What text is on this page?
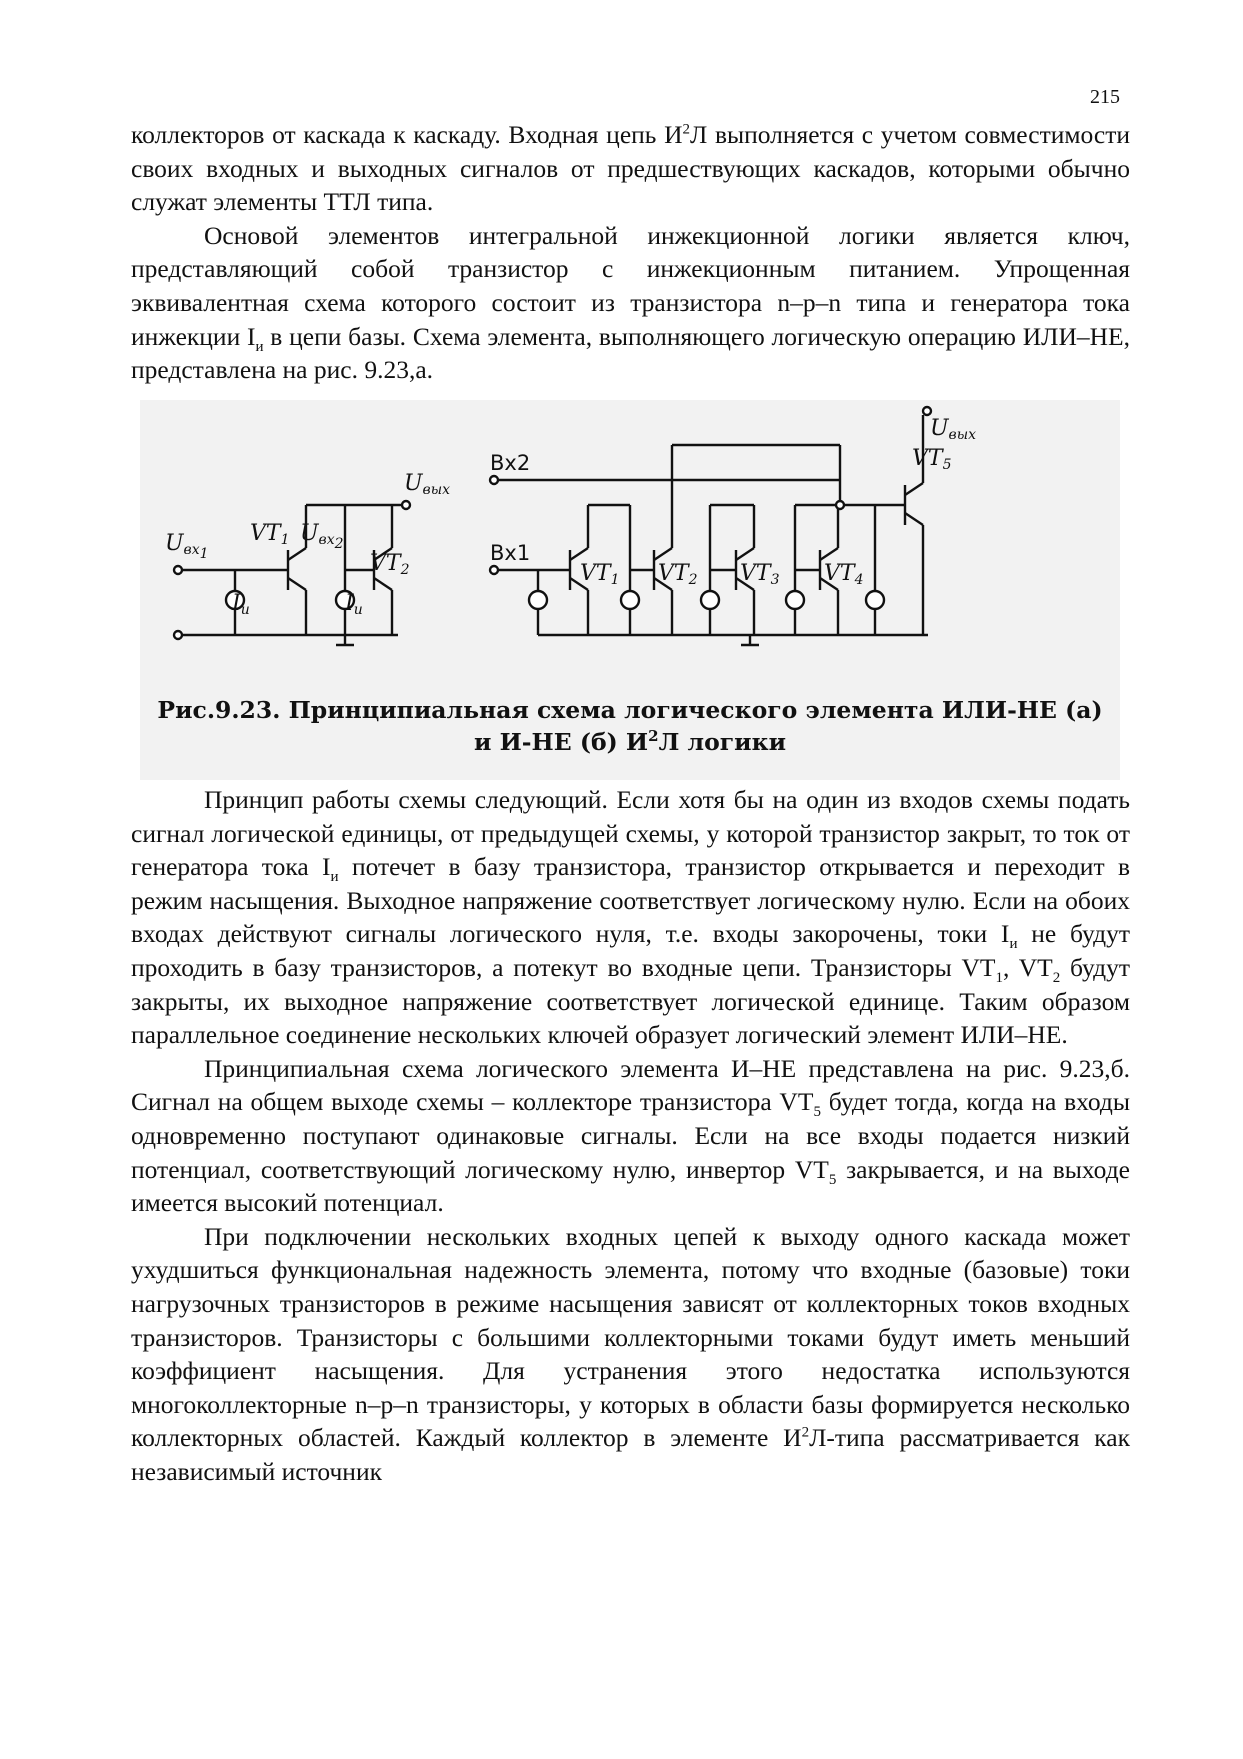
215

коллекторов от каскада к каскаду. Входная цепь $И^2Л$ выполняется с учетом совместимости своих входных и выходных сигналов от предшествующих каскадов, которыми обычно служат элементы ТТЛ типа.

Основой элементов интегральной инжекционной логики является ключ, представляющий собой транзистор с инжекционным питанием. Упрощенная эквивалентная схема которого состоит из транзистора n–p–n типа и генератора тока инжекции $I_и$ в цепи базы. Схема элемента, выполняющего логическую операцию ИЛИ–НЕ, представлена на рис. 9.23,а.

Uвых
Uвх1
VT1 Uвх2
VT2
Iи	Iи
Вх2
Вх1
Uвых
VT1 VT2 VT3 VT4
VT5
Рис.9.23. Принципиальная схема логического элемента ИЛИ-НЕ (а)
и И-НЕ (б) $И^2Л$ логики

Принцип работы схемы следующий. Если хотя бы на один из входов схемы подать сигнал логической единицы, от предыдущей схемы, у которой транзистор закрыт, то ток от генератора тока $I_и$ потечет в базу транзистора, транзистор открывается и переходит в режим насыщения. Выходное напряжение соответствует логическому нулю. Если на обоих входах действуют сигналы логического нуля, т.е. входы закорочены, токи $I_и$ не будут проходить в базу транзисторов, а потекут во входные цепи. Транзисторы $VT_1$, $VT_2$ будут закрыты, их выходное напряжение соответствует логической единице. Таким образом параллельное соединение нескольких ключей образует логический элемент ИЛИ–НЕ.

Принципиальная схема логического элемента И–НЕ представлена на рис. 9.23,б. Сигнал на общем выходе схемы – коллекторе транзистора $VT_5$ будет тогда, когда на входы одновременно поступают одинаковые сигналы. Если на все входы подается низкий потенциал, соответствующий логическому нулю, инвертор $VT_5$ закрывается, и на выходе имеется высокий потенциал.

При подключении нескольких входных цепей к выходу одного каскада может ухудшиться функциональная надежность элемента, потому что входные (базовые) токи нагрузочных транзисторов в режиме насыщения зависят от коллекторных токов входных транзисторов. Транзисторы с большими коллекторными токами будут иметь меньший коэффициент насыщения. Для устранения этого недостатка используются многоколлекторные n–p–n транзисторы, у которых в области базы формируется несколько коллекторных областей. Каждый коллектор в элементе $И^2Л$-типа рассматривается как независимый источник
